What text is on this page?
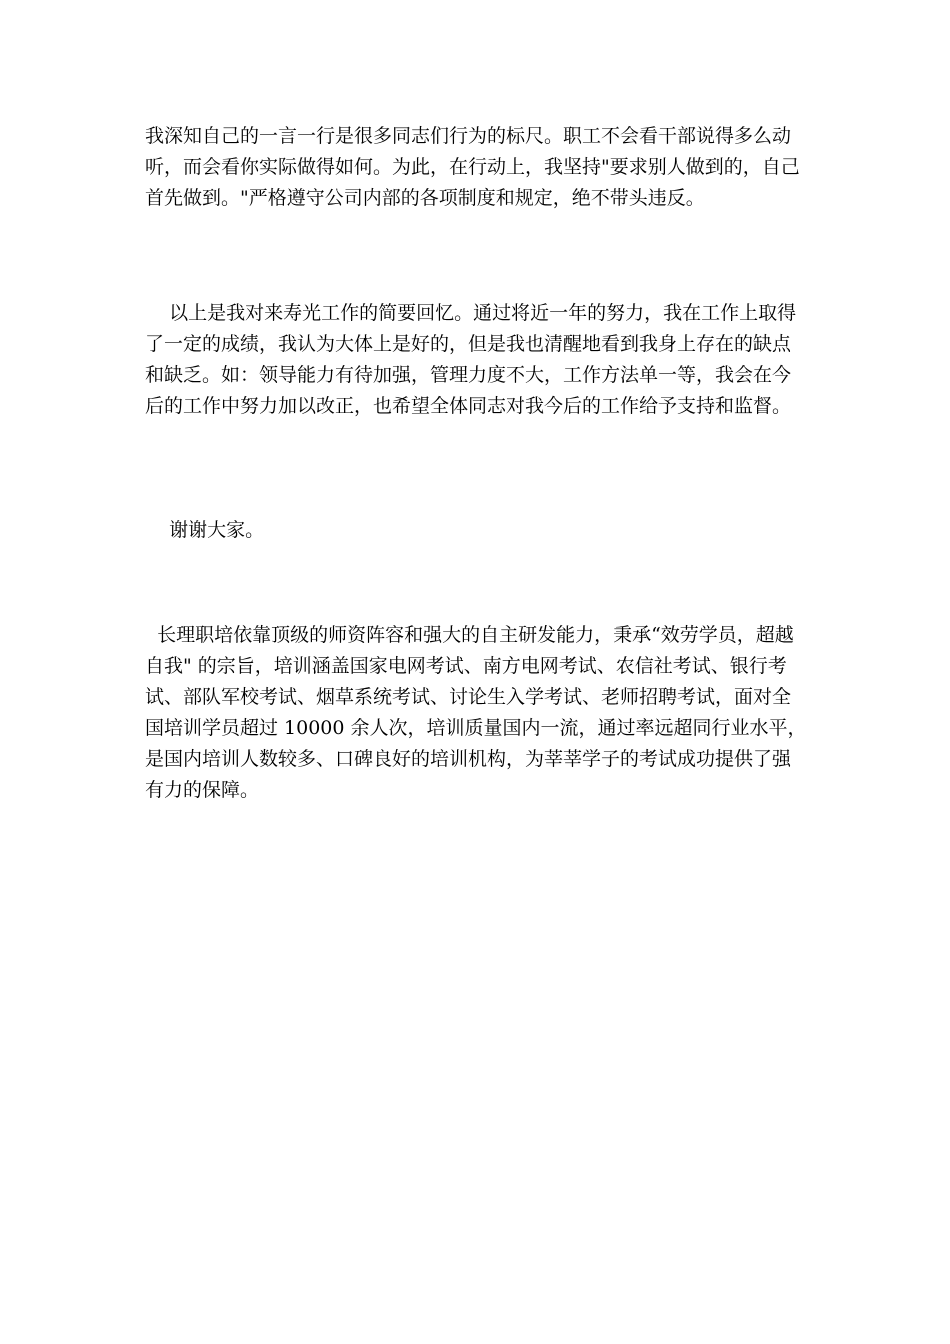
我深知自己的一言一行是很多同志们行为的标尺。职工不会看干部说得多么动
听，而会看你实际做得如何。为此，在行动上，我坚持"要求别人做到的，自己
首先做到。"严格遵守公司内部的各项制度和规定，绝不带头违反。

以上是我对来寿光工作的简要回忆。通过将近一年的努力，我在工作上取得
了一定的成绩，我认为大体上是好的，但是我也清醒地看到我身上存在的缺点
和缺乏。如：领导能力有待加强，管理力度不大，工作方法单一等，我会在今
后的工作中努力加以改正，也希望全体同志对我今后的工作给予支持和监督。

谢谢大家。

长理职培依靠顶级的师资阵容和强大的自主研发能力，秉承“效劳学员，超越
自我" 的宗旨，培训涵盖国家电网考试、南方电网考试、农信社考试、银行考
试、部队军校考试、烟草系统考试、讨论生入学考试、老师招聘考试，面对全
国培训学员超过 10000 余人次，培训质量国内一流，通过率远超同行业水平，
是国内培训人数较多、口碑良好的培训机构，为莘莘学子的考试成功提供了强
有力的保障。
